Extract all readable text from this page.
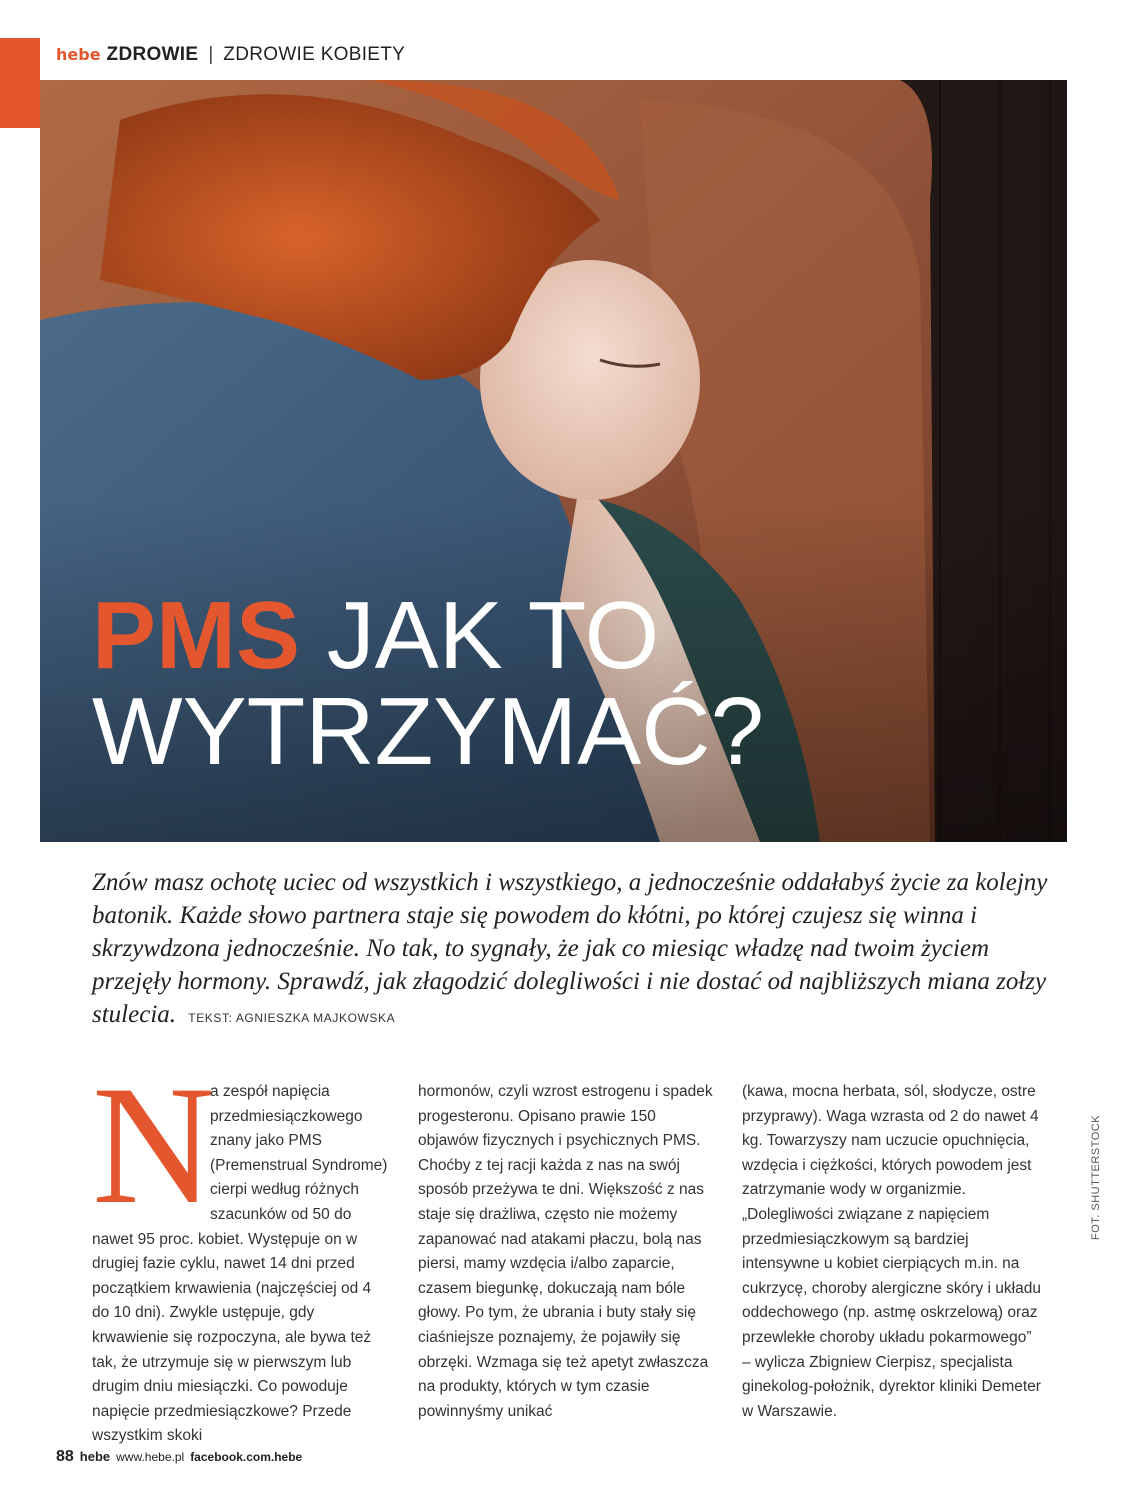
hebe ZDROWIE | ZDROWIE KOBIETY
PMS JAK TO
WYTRZYMAĆ?
Znów masz ochotę uciec od wszystkich i wszystkiego, a jednocześnie oddałabyś życie za kolejny batonik. Każde słowo partnera staje się powodem do kłótni, po której czujesz się winna i skrzywdzona jednocześnie. No tak, to sygnały, że jak co miesiąc władzę nad twoim życiem przejęły hormony. Sprawdź, jak złagodzić dolegliwości i nie dostać od najbliższych miana zołzy stulecia. TEKST: AGNIESZKA MAJKOWSKA
N

a zespół napięcia przedmiesiączkowego znany jako PMS (Premenstrual Syndrome) cierpi według różnych szacunków od 50 do nawet 95 proc. kobiet. Występuje on w drugiej fazie cyklu, nawet 14 dni przed początkiem krwawienia (najczęściej od 4 do 10 dni). Zwykle ustępuje, gdy krwawienie się rozpoczyna, ale bywa też tak, że utrzymuje się w pierwszym lub drugim dniu miesiączki. Co powoduje napięcie przedmiesiączkowe? Przede wszystkim skoki

hormonów, czyli wzrost estrogenu i spadek progesteronu. Opisano prawie 150 objawów fizycznych i psychicznych PMS. Choćby z tej racji każda z nas na swój sposób przeżywa te dni. Większość z nas staje się drażliwa, często nie możemy zapanować nad atakami płaczu, bolą nas piersi, mamy wzdęcia i/albo zaparcie, czasem biegunkę, dokuczają nam bóle głowy. Po tym, że ubrania i buty stały się ciaśniejsze poznajemy, że pojawiły się obrzęki. Wzmaga się też apetyt zwłaszcza na produkty, których w tym czasie powinnyśmy unikać

(kawa, mocna herbata, sól, słodycze, ostre przyprawy). Waga wzrasta od 2 do nawet 4 kg. Towarzyszy nam uczucie opuchnięcia, wzdęcia i ciężkości, których powodem jest zatrzymanie wody w organizmie. „Dolegliwości związane z napięciem przedmiesiączkowym są bardziej intensywne u kobiet cierpiących m.in. na cukrzycę, choroby alergiczne skóry i układu oddechowego (np. astmę oskrzelową) oraz przewlekłe choroby układu pokarmowego” – wylicza Zbigniew Cierpisz, specjalista ginekolog-położnik, dyrektor kliniki Demeter w Warszawie.

FOT. SHUTTERSTOCK
88 hebe www.hebe.pl facebook.com.hebe
